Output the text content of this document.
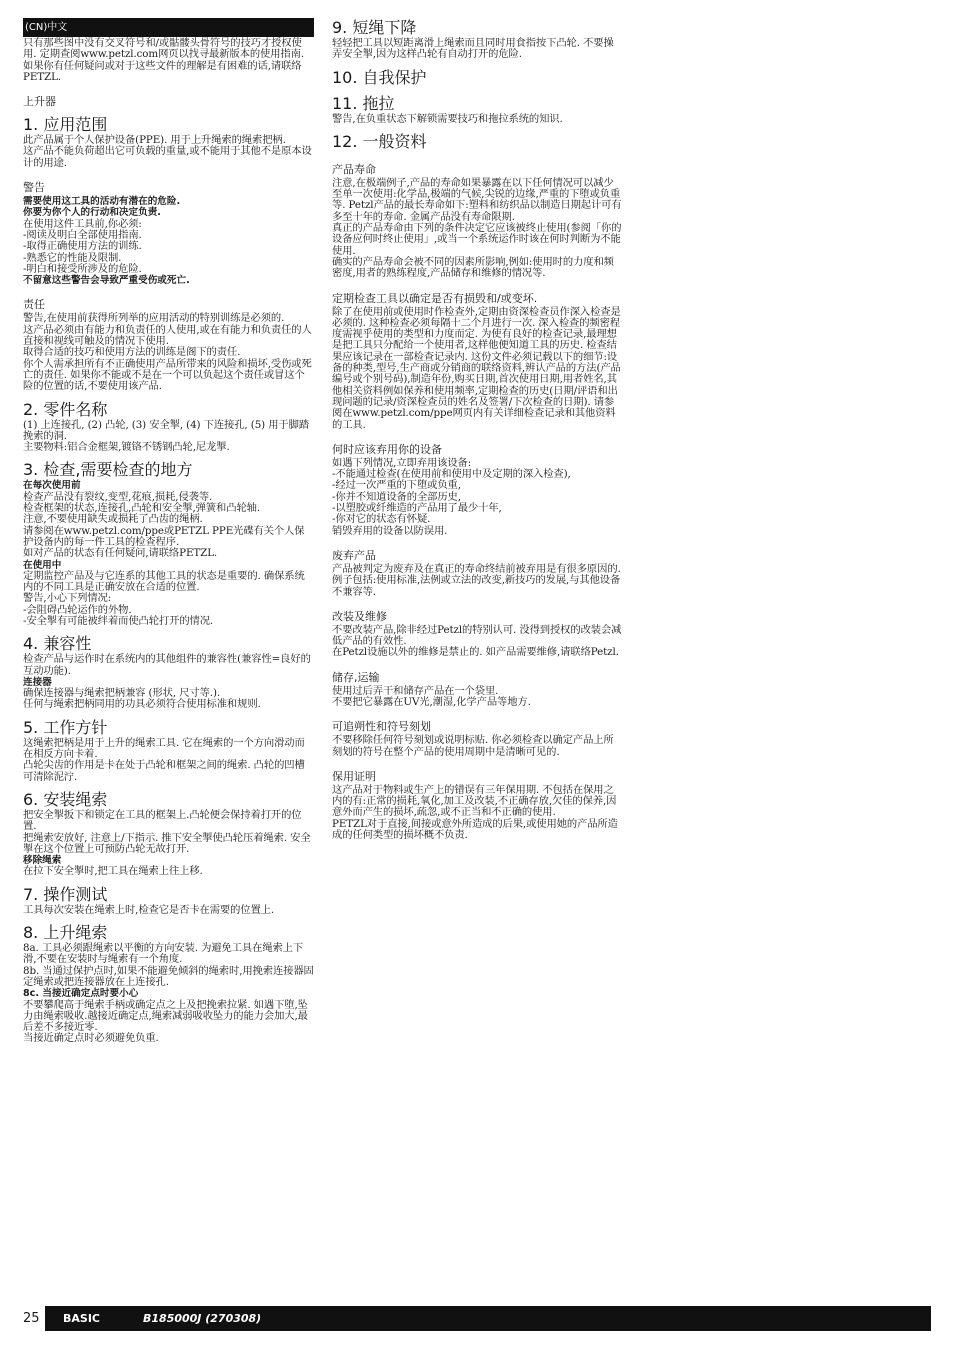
(CN)中文

只有那些图中没有交叉符号和/或骷髅头骨符号的技巧才授权使用. 定期查阅www.petzl.com网页以找寻最新版本的使用指南.
如果你有任何疑问或对于这些文件的理解是有困难的话,请联络PETZL.

上升器
1. 应用范围

此产品属于个人保护设备(PPE). 用于上升绳索的绳索把柄.
这产品不能负荷超出它可负载的重量,或不能用于其他不是原本设计的用途.

警告

需要使用这工具的活动有潜在的危险.

你要为你个人的行动和决定负责.

在使用这件工具前,你必须:
-阅读及明白全部使用指南.
-取得正确使用方法的训练.
-熟悉它的性能及限制.
-明白和接受所涉及的危险.

不留意这些警告会导致严重受伤或死亡.

责任

警告,在使用前获得所列举的应用活动的特别训练是必须的.
这产品必须由有能力和负责任的人使用,或在有能力和负责任的人直接和视线可触及的情况下使用.
取得合适的技巧和使用方法的训练是阁下的责任.
你个人需承担所有不正确使用产品所带来的风险和损坏,受伤或死亡的责任. 如果你不能或不是在一个可以负起这个责任或冒这个险的位置的话,不要使用该产品.

2. 零件名称

(1) 上连接孔, (2) 凸轮, (3) 安全掣, (4) 下连接孔, (5) 用于脚踏挽索的洞.
主要物料:铝合金框架,镀铬不锈钢凸轮,尼龙掣.

3. 检查,需要检查的地方

在每次使用前

检查产品没有裂纹,变型,花痕,损耗,侵袭等.
检查框架的状态,连接孔,凸轮和安全掣,弹簧和凸轮轴.
注意,不要使用缺失或损耗了凸齿的绳柄.
请参阅在www.petzl.com/ppe或PETZL PPE光碟有关个人保护设备内的每一件工具的检查程序.
如对产品的状态有任何疑问,请联络PETZL.

在使用中

定期监控产品及与它连系的其他工具的状态是重要的. 确保系统内的不同工具是正确安放在合适的位置.
警告,小心下列情况:
-会阻碍凸轮运作的外物.
-安全掣有可能被绊着而使凸轮打开的情况.

4. 兼容性

检查产品与运作时在系统内的其他组件的兼容性(兼容性=良好的互动功能).

连接器

确保连接器与绳索把柄兼容 (形状, 尺寸等.).
任何与绳索把柄同用的功具必须符合使用标准和规则.

5. 工作方针

这绳索把柄是用于上升的绳索工具. 它在绳索的一个方向滑动而在相反方向卡着.
凸轮尖齿的作用是卡在处于凸轮和框架之间的绳索. 凸轮的凹槽可清除泥泞.

6. 安装绳索

把安全掣扳下和锁定在工具的框架上.凸轮便会保持着打开的位置.
把绳索安放好, 注意上/下指示. 推下安全掣使凸轮压着绳索. 安全掣在这个位置上可预防凸轮无故打开.

移除绳索

在拉下安全掣时,把工具在绳索上往上移.

7. 操作测试

工具每次安装在绳索上时,检查它是否卡在需要的位置上.

8. 上升绳索

8a. 工具必须跟绳索以平衡的方向安装. 为避免工具在绳索上下滑,不要在安装时与绳索有一个角度.
8b. 当通过保护点时,如果不能避免倾斜的绳索时,用挽索连接器固定绳索或把连接器放在上连接孔.

8c. 当接近确定点时要小心

不要攀爬高于绳索手柄或确定点之上及把挽索拉紧. 如遇下堕,坠力由绳索吸收.越接近确定点,绳索减弱吸收坠力的能力会加大,最后差不多接近零.
当接近确定点时必须避免负重.

9. 短绳下降

轻轻把工具以短距离滑上绳索而且同时用食指按下凸轮. 不要操弄安全掣,因为这样凸轮有自动打开的危险.

10. 自我保护
11. 拖拉

警告,在负重状态下解锁需要技巧和拖拉系统的知识.

12. 一般资料
产品寿命

注意,在极端例子,产品的寿命如果暴露在以下任何情况可以减少至单一次使用:化学品,极端的气候,尖锐的边缘,严重的下堕或负重等. Petzl产品的最长寿命如下:塑料和纺织品以制造日期起计可有多至十年的寿命. 金属产品没有寿命限期.
真正的产品寿命由下列的条件决定它应该被终止使用(参阅「你的设备应何时终止使用」,或当一个系统运作时该在何时判断为不能使用.
确实的产品寿命会被不同的因素所影响,例如:使用时的力度和频密度,用者的熟练程度,产品储存和维修的情况等.

定期检查工具以确定是否有损毁和/或变坏.

除了在使用前或使用时作检查外,定期由资深检查员作深入检查是必须的. 这种检查必须每隔十二个月进行一次. 深入检查的频密程度需视乎使用的类型和力度而定. 为使有良好的检查记录,最理想是把工具只分配给一个使用者,这样他便知道工具的历史. 检查结果应该记录在一部检查记录内. 这份文件必须记载以下的细节:设备的种类,型号,生产商或分销商的联络资料,辨认产品的方法(产品编号或个别号码),制造年份,购买日期,首次使用日期,用者姓名,其他相关资料例如保养和使用频率,定期检查的历史(日期/评语和出现问题的记录/资深检查员的姓名及签署/下次检查的日期). 请参阅在www.petzl.com/ppe网页内有关详细检查记录和其他资料的工具.

何时应该弃用你的设备

如遇下列情况,立即弃用该设备:
-不能通过检查(在使用前和使用中及定期的深入检查),
-经过一次严重的下堕或负重,
-你并不知道设备的全部历史,
-以塑胶或纤维造的产品用了最少十年,
-你对它的状态有怀疑.
销毁弃用的设备以防误用.

废弃产品

产品被判定为废弃及在真正的寿命终结前被弃用是有很多原因的. 例子包括:使用标准,法例或立法的改变,新技巧的发展,与其他设备不兼容等.

改装及维修

不要改装产品,除非经过Petzl的特别认可. 没得到授权的改装会减低产品的有效性.
在Petzl设施以外的维修是禁止的. 如产品需要维修,请联络Petzl.

储存,运输

使用过后弄干和储存产品在一个袋里.
不要把它暴露在UV光,潮湿,化学产品等地方.

可追朔性和符号刻划

不要移除任何符号刻划或说明标贴. 你必须检查以确定产品上所刻划的符号在整个产品的使用周期中是清晰可见的.

保用证明

这产品对于物料或生产上的错误有三年保用期. 不包括在保用之内的有:正常的损耗,氧化,加工及改装,不正确存放,欠佳的保养,因意外而产生的损坏,疏忽,或不正当和不正确的使用.
PETZL对于直接,间接或意外所造成的后果,或使用她的产品所造成的任何类型的损坏概不负责.

25	BASIC	B185000J (270308)
